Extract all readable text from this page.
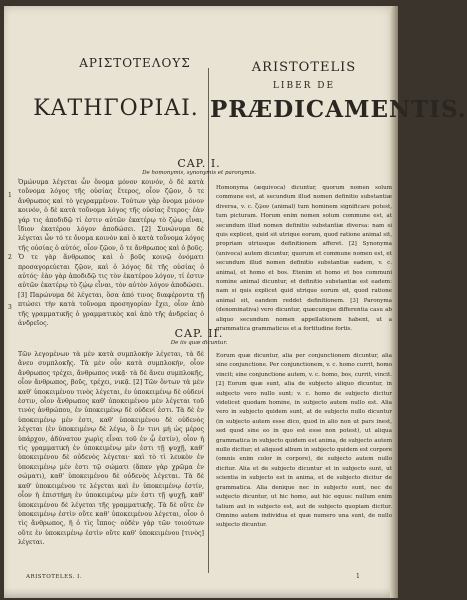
ΑΡΙΣΤΟΤΕΛΟΥΣ
ΚΑΤΗΓΟΡΙΑΙ.
ARISTOTELIS
LIBER DE
PRÆDICAMENTIS.
CAP. I.
De homonymis, synonymis et paronymis.
Ὁμώνυμα λέγεται ὧν ὄνομα μόνον κοινόν, ὁ δὲ κατὰ τοὔνομα λόγος τῆς οὐσίας ἕτερος, οἷον ζῷον, ὅ τε ἄνθρωπος καὶ τὸ γεγραμμένον. Τούτων γὰρ ὄνομα μόνον κοινόν, ὁ δὲ κατὰ τοὔνομα λόγος τῆς οὐσίας ἕτερος· ἐὰν γάρ τις ἀποδιδῷ τί ἐστιν αὐτῶν ἑκατέρῳ τὸ ζῴῳ εἶναι, ἴδιον ἑκατέρου λόγον ἀποδώσει. [2] Συνώνυμα δὲ λέγεται ὧν τό τε ὄνομα κοινὸν καὶ ὁ κατὰ τοὔνομα λόγος τῆς οὐσίας ὁ αὐτός, οἷον ζῷον, ὅ τε ἄνθρωπος καὶ ὁ βοῦς. Ὅ τε γὰρ ἄνθρωπος καὶ ὁ βοῦς κοινῷ ὀνόματι προσαγορεύεται ζῷον, καὶ ὁ λόγος δὲ τῆς οὐσίας ὁ αὐτός· ἐὰν γὰρ ἀποδιδῷ τις τὸν ἑκατέρου λόγον, τί ἐστιν αὐτῶν ἑκατέρῳ τὸ ζῴῳ εἶναι, τὸν αὐτὸν λόγον ἀποδώσει. [3] Παρώνυμα δὲ λέγεται, ὅσα ἀπό τινος διαφέροντα τῇ πτώσει τὴν κατὰ τοὔνομα προσηγορίαν ἔχει, οἷον ἀπὸ τῆς γραμματικῆς ὁ γραμματικὸς καὶ ἀπὸ τῆς ἀνδρείας ὁ ἀνδρεῖος.
Homonyma (æquivoca) dicuntur, quorum nomen solum commune est, at secundum illud nomen definitio substantiæ diversa, v. c. ζῷον (animal) tum hominem significare potest, tum picturam. Horum enim nomen solum commune est, at secundum illud nomen definitio substantiæ diversa: nam si quis explicet, quid sit utrique eorum, quod ratione animal sit, propriam utriusque definitionem afferet. [2] Synonyma (univoca) autem dicuntur, quorum et commune nomen est, et secundum illud nomen definitio substantiæ eadem, v. c. animal, et homo et bos. Etenim et homo et bos communi nomine animal dicuntur, et definitio substantiæ est eadem: nam si quis explicet quid utrique eorum sit, quod ratione animal sit, eandem reddet definitionem. [3] Paronyma (denominativa) vero dicuntur, quæcunque differentia casu ab aliquo secundum nomen appellationem habent, ut a grammatica grammaticus et a fortitudine fortis.
1
2
3
CAP. II.
De iis quæ dicuntur.
Τῶν λεγομένων τὰ μὲν κατὰ συμπλοκὴν λέγεται, τὰ δὲ ἄνευ συμπλοκῆς. Τὰ μὲν οὖν κατὰ συμπλοκήν, οἷον ἄνθρωπος τρέχει, ἄνθρωπος νικᾷ· τὰ δὲ ἄνευ συμπλοκῆς, οἷον ἄνθρωπος, βοῦς, τρέχει, νικᾷ. [2] Τῶν ὄντων τὰ μὲν καθ' ὑποκειμένου τινὸς λέγεται, ἐν ὑποκειμένῳ δὲ οὐδενί ἐστιν, οἷον ἄνθρωπος καθ' ὑποκειμένου μὲν λέγεται τοῦ τινὸς ἀνθρώπου, ἐν ὑποκειμένῳ δὲ οὐδενί ἐστι. Τὰ δὲ ἐν ὑποκειμένῳ μέν ἐστι, καθ' ὑποκειμένου δὲ οὐδενὸς λέγεται (ἐν ὑποκειμένῳ δὲ λέγω, ὃ ἔν τινι μὴ ὡς μέρος ὑπάρχον, ἀδύνατον χωρὶς εἶναι τοῦ ἐν ᾧ ἐστίν), οἷον ἡ τὶς γραμματικὴ ἐν ὑποκειμένῳ μέν ἐστι τῇ ψυχῇ, καθ' ὑποκειμένου δὲ οὐδενὸς λέγεται· καὶ τὸ τὶ λευκὸν ἐν ὑποκειμένῳ μέν ἐστι τῷ σώματι (ἅπαν γὰρ χρῶμα ἐν σώματι), καθ' ὑποκειμένου δὲ οὐδενὸς λέγεται. Τὰ δὲ καθ' ὑποκειμένου τε λέγεται καὶ ἐν ὑποκειμένῳ ἐστίν, οἷον ἡ ἐπιστήμη ἐν ὑποκειμένῳ μέν ἐστι τῇ ψυχῇ, καθ' ὑποκειμένου δὲ λέγεται τῆς γραμματικῆς. Τὰ δὲ οὔτε ἐν ὑποκειμένῳ ἐστὶν οὔτε καθ' ὑποκειμένου λέγεται, οἷον ὁ τὶς ἄνθρωπος, ἢ ὁ τὶς ἵππος· οὐδὲν γὰρ τῶν τοιούτων οὔτε ἐν ὑποκειμένῳ ἐστὶν οὔτε καθ' ὑποκειμένου [τινὸς] λέγεται.
Eorum quæ dicuntur, alia per conjunctionem dicuntur, alia sine conjunctione. Per conjunctionem, v. c. homo currit, homo vincit; sine conjunctione autem, v. c. homo, bos, currit, vincit. [2] Eorum quæ sunt, alia de subjecto aliquo dicuntur, in subjecto vero nullo sunt; v. c. homo de subjecto dicitur videlicet quodam homine, in subjecto autem nullo est. Alia vero in subjecto quidem sunt, at de subjecto nullo dicuntur (in subjecto autem esse dico, quod in alio non ut pars inest, sed quod sine eo in quo est esse non potest), ut aliqua grammatica in subjecto quidem est anima, de subjecto autem nullo dicitur; et aliquod album in subjecto quidem est corpore (omnis enim color in corpore), de subjecto autem nullo dicitur. Alia et de subjecto dicuntur et in subjecto sunt, ut scientia in subjecto est in anima, et de subjecto dicitur de grammatica. Alia denique nec in subjecto sunt, nec de subjecto dicuntur, ut hic homo, aut hic equus: nullum enim talium aut in subjecto est, aut de subjecto quopiam dicitur. Omnino autem individua et quæ numero una sunt, de nullo subjecto dicuntur.
ARISTOTELES. I.	1
